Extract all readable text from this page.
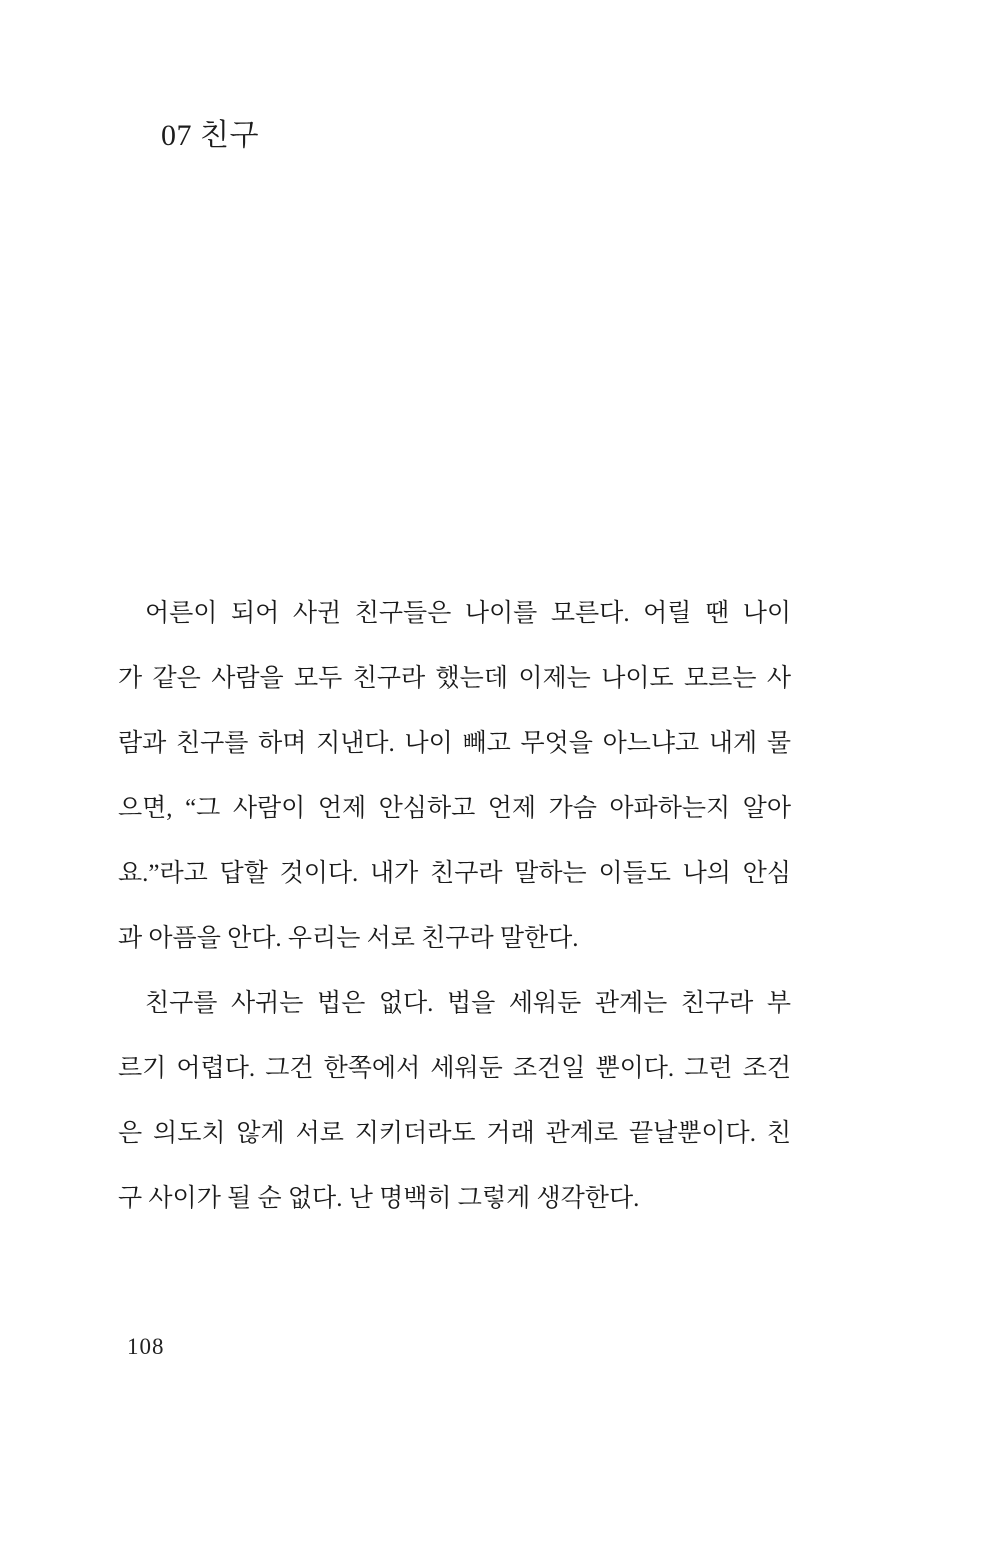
07 친구
어른이 되어 사귄 친구들은 나이를 모른다. 어릴 땐 나이
가 같은 사람을 모두 친구라 했는데 이제는 나이도 모르는 사
람과 친구를 하며 지낸다. 나이 빼고 무엇을 아느냐고 내게 물
으면, “그 사람이 언제 안심하고 언제 가슴 아파하는지 알아
요.”라고 답할 것이다. 내가 친구라 말하는 이들도 나의 안심
과 아픔을 안다. 우리는 서로 친구라 말한다.
친구를 사귀는 법은 없다. 법을 세워둔 관계는 친구라 부
르기 어렵다. 그건 한쪽에서 세워둔 조건일 뿐이다. 그런 조건
은 의도치 않게 서로 지키더라도 거래 관계로 끝날뿐이다. 친
구 사이가 될 순 없다. 난 명백히 그렇게 생각한다.
108
